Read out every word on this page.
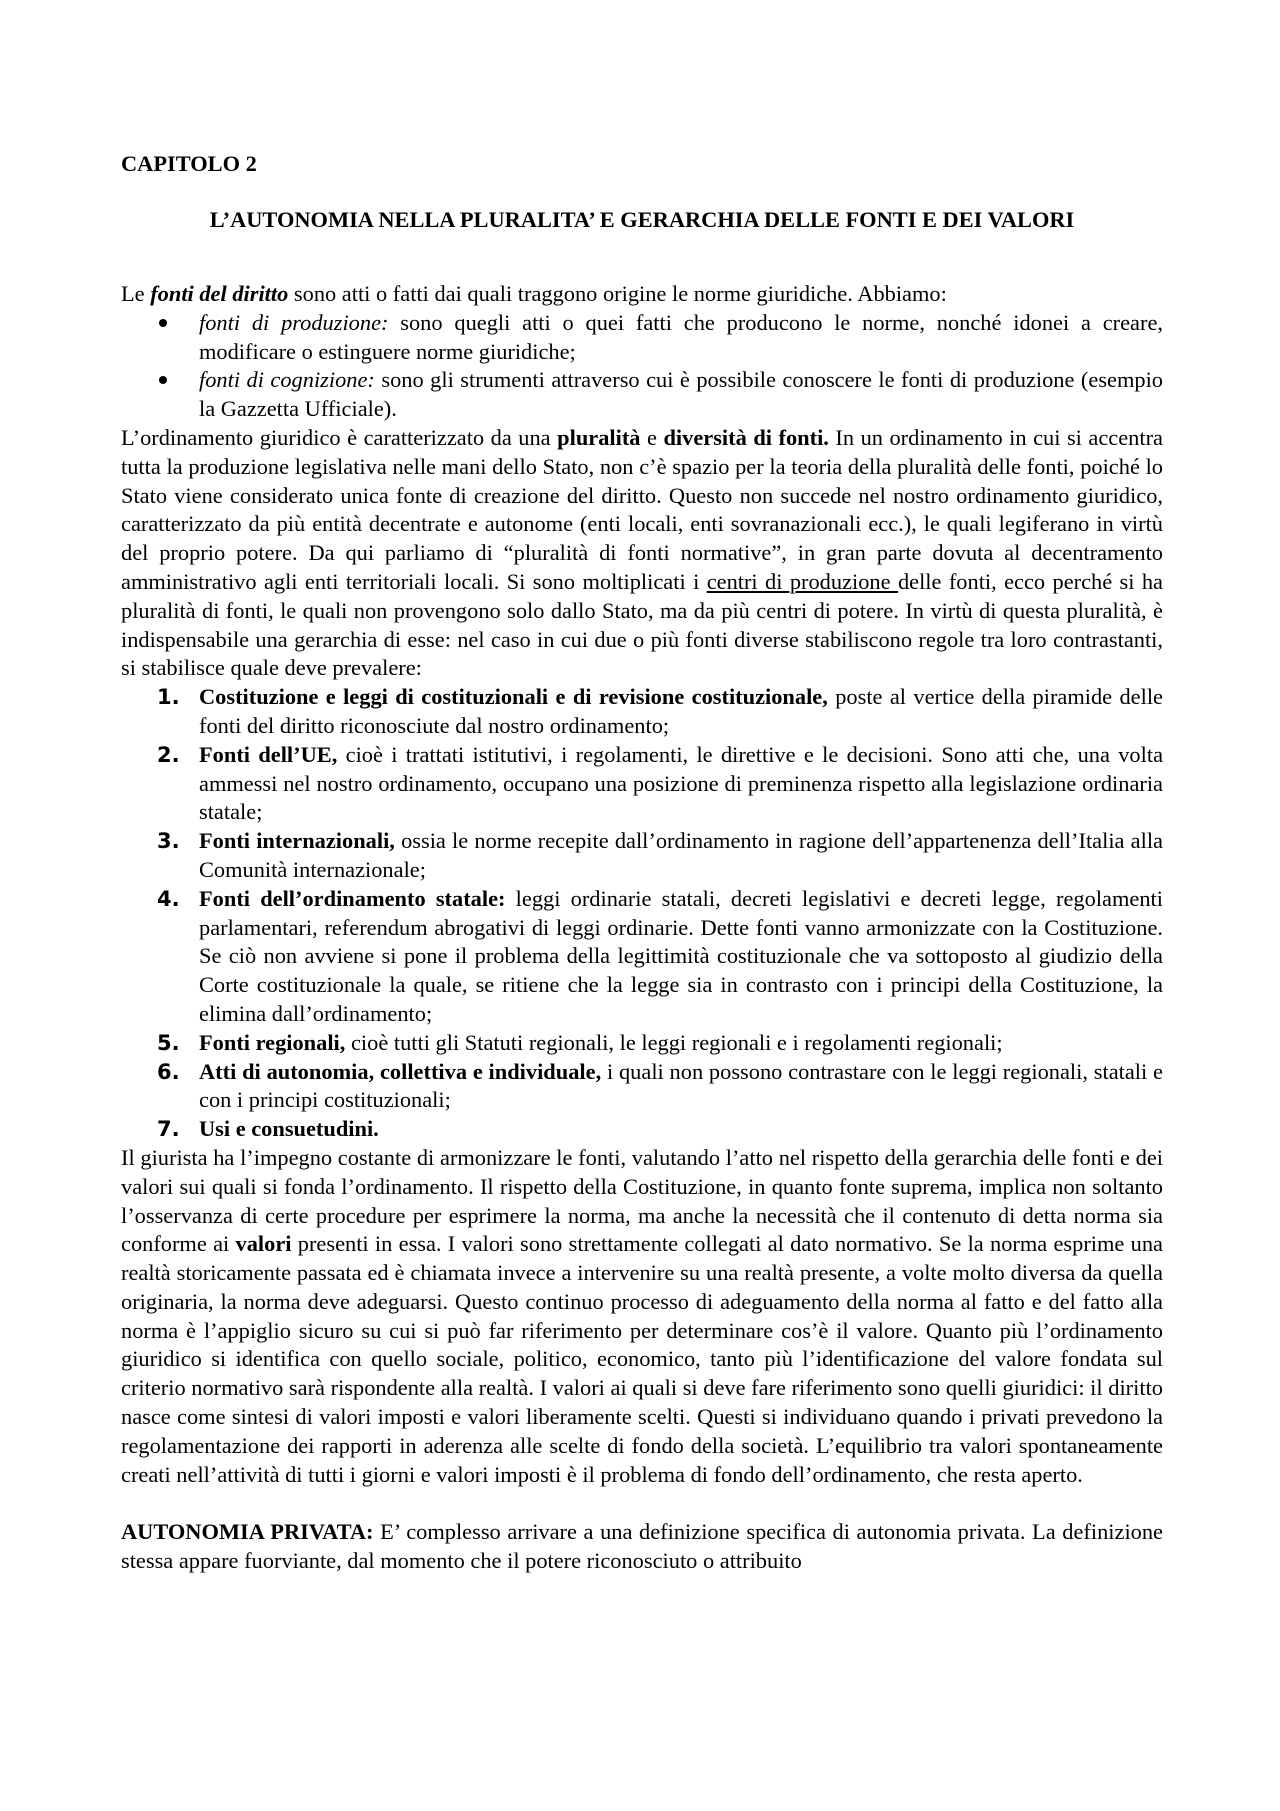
CAPITOLO 2

L’AUTONOMIA NELLA PLURALITA’ E GERARCHIA DELLE FONTI E DEI VALORI

Le fonti del diritto sono atti o fatti dai quali traggono origine le norme giuridiche. Abbiamo:

fonti di produzione: sono quegli atti o quei fatti che producono le norme, nonché idonei a creare, modificare o estinguere norme giuridiche;
fonti di cognizione: sono gli strumenti attraverso cui è possibile conoscere le fonti di produzione (esempio la Gazzetta Ufficiale).

L’ordinamento giuridico è caratterizzato da una pluralità e diversità di fonti. In un ordinamento in cui si accentra tutta la produzione legislativa nelle mani dello Stato, non c’è spazio per la teoria della pluralità delle fonti, poiché lo Stato viene considerato unica fonte di creazione del diritto. Questo non succede nel nostro ordinamento giuridico, caratterizzato da più entità decentrate e autonome (enti locali, enti sovranazionali ecc.), le quali legiferano in virtù del proprio potere. Da qui parliamo di “pluralità di fonti normative”, in gran parte dovuta al decentramento amministrativo agli enti territoriali locali. Si sono moltiplicati i centri di produzione delle fonti, ecco perché si ha pluralità di fonti, le quali non provengono solo dallo Stato, ma da più centri di potere. In virtù di questa pluralità, è indispensabile una gerarchia di esse: nel caso in cui due o più fonti diverse stabiliscono regole tra loro contrastanti, si stabilisce quale deve prevalere:

1. Costituzione e leggi di costituzionali e di revisione costituzionale, poste al vertice della piramide delle fonti del diritto riconosciute dal nostro ordinamento;
2. Fonti dell’UE, cioè i trattati istitutivi, i regolamenti, le direttive e le decisioni. Sono atti che, una volta ammessi nel nostro ordinamento, occupano una posizione di preminenza rispetto alla legislazione ordinaria statale;
3. Fonti internazionali, ossia le norme recepite dall’ordinamento in ragione dell’appartenenza dell’Italia alla Comunità internazionale;
4. Fonti dell’ordinamento statale: leggi ordinarie statali, decreti legislativi e decreti legge, regolamenti parlamentari, referendum abrogativi di leggi ordinarie. Dette fonti vanno armonizzate con la Costituzione. Se ciò non avviene si pone il problema della legittimità costituzionale che va sottoposto al giudizio della Corte costituzionale la quale, se ritiene che la legge sia in contrasto con i principi della Costituzione, la elimina dall’ordinamento;
5. Fonti regionali, cioè tutti gli Statuti regionali, le leggi regionali e i regolamenti regionali;
6. Atti di autonomia, collettiva e individuale, i quali non possono contrastare con le leggi regionali, statali e con i principi costituzionali;
7. Usi e consuetudini.

Il giurista ha l’impegno costante di armonizzare le fonti, valutando l’atto nel rispetto della gerarchia delle fonti e dei valori sui quali si fonda l’ordinamento. Il rispetto della Costituzione, in quanto fonte suprema, implica non soltanto l’osservanza di certe procedure per esprimere la norma, ma anche la necessità che il contenuto di detta norma sia conforme ai valori presenti in essa. I valori sono strettamente collegati al dato normativo. Se la norma esprime una realtà storicamente passata ed è chiamata invece a intervenire su una realtà presente, a volte molto diversa da quella originaria, la norma deve adeguarsi. Questo continuo processo di adeguamento della norma al fatto e del fatto alla norma è l’appiglio sicuro su cui si può far riferimento per determinare cos’è il valore. Quanto più l’ordinamento giuridico si identifica con quello sociale, politico, economico, tanto più l’identificazione del valore fondata sul criterio normativo sarà rispondente alla realtà. I valori ai quali si deve fare riferimento sono quelli giuridici: il diritto nasce come sintesi di valori imposti e valori liberamente scelti. Questi si individuano quando i privati prevedono la regolamentazione dei rapporti in aderenza alle scelte di fondo della società. L’equilibrio tra valori spontaneamente creati nell’attività di tutti i giorni e valori imposti è il problema di fondo dell’ordinamento, che resta aperto.

AUTONOMIA PRIVATA: E’ complesso arrivare a una definizione specifica di autonomia privata. La definizione stessa appare fuorviante, dal momento che il potere riconosciuto o attribuito
